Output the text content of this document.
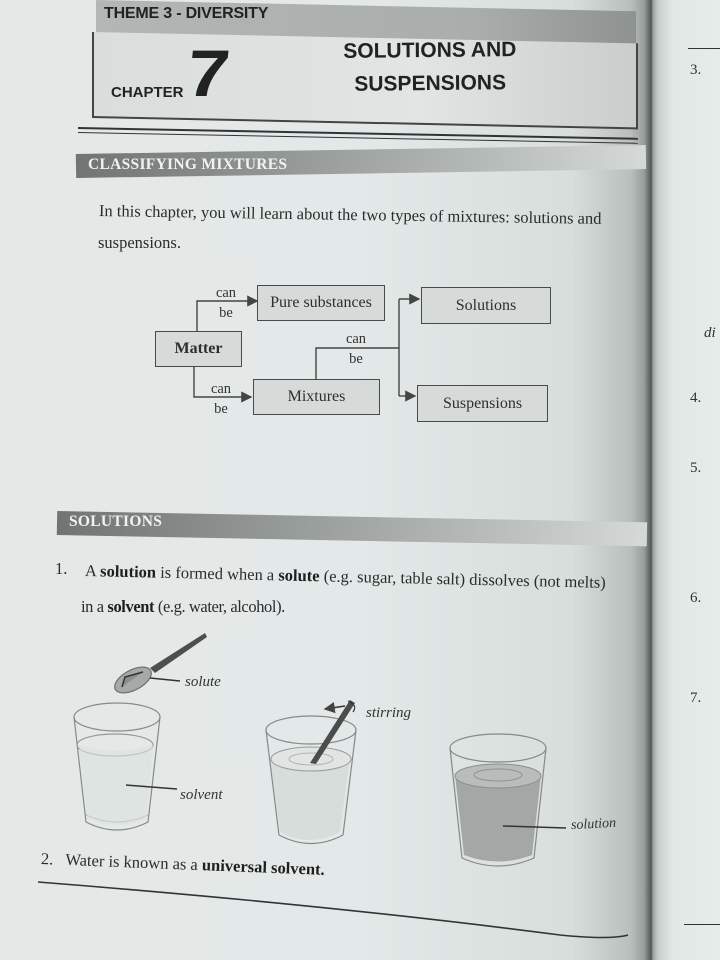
THEME 3 - DIVERSITY
CHAPTER 7	SOLUTIONS AND
SUSPENSIONS
CLASSIFYING MIXTURES
In this chapter, you will learn about the two types of mixtures: solutions and
suspensions.
Matter
Pure substances
Mixtures
Solutions
Suspensions
can
be
can
be
can
be
SOLUTIONS
1. A solution is formed when a solute (e.g. sugar, table salt) dissolves (not melts)
in a solvent (e.g. water, alcohol).
solute
solvent
stirring
solution
2. Water is known as a universal solvent.
3.
di
4.
5.
6.
7.
